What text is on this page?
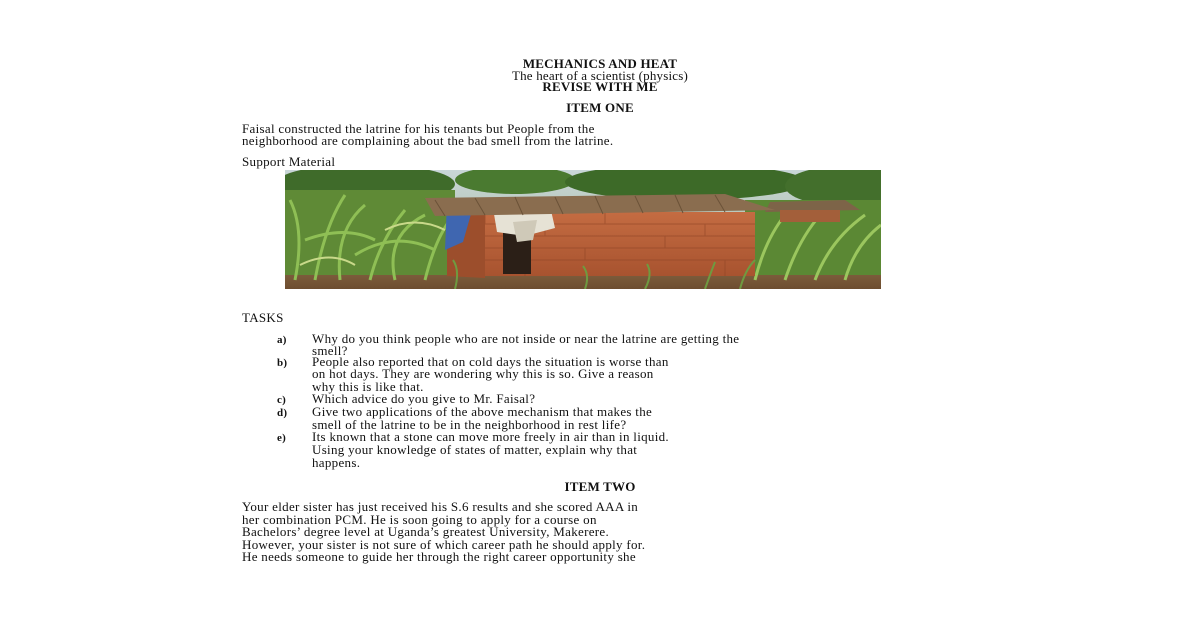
MECHANICS AND HEAT
The heart of a scientist (physics)
REVISE WITH ME
ITEM ONE
Faisal constructed the latrine for his tenants but People from the
neighborhood are complaining about the bad smell from the latrine.
Support Material
TASKS
a) Why do you think people who are not inside or near the latrine are getting the
smell?
b) People also reported that on cold days the situation is worse than
on hot days. They are wondering why this is so. Give a reason
why this is like that.
c) Which advice do you give to Mr. Faisal?
d) Give two applications of the above mechanism that makes the
smell of the latrine to be in the neighborhood in rest life?
e) Its known that a stone can move more freely in air than in liquid.
Using your knowledge of states of matter, explain why that
happens.
ITEM TWO
Your elder sister has just received his S.6 results and she scored AAA in
her combination PCM. He is soon going to apply for a course on
Bachelors’ degree level at Uganda’s greatest University, Makerere.
However, your sister is not sure of which career path he should apply for.
He needs someone to guide her through the right career opportunity she
